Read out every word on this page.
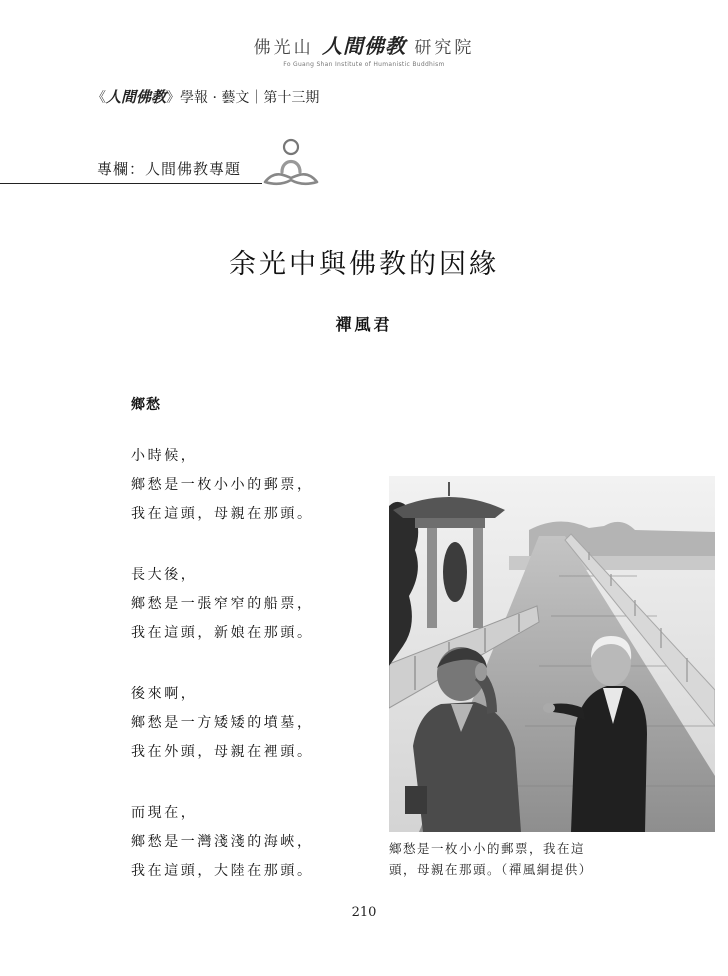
佛光山 人間佛教 研究院
Fo Guang Shan Institute of Humanistic Buddhism
《人間佛教》學報 · 藝文｜第十三期
專欄：人間佛教專題
余光中與佛教的因緣
禪風君
鄉愁
小時候，
鄉愁是一枚小小的郵票，
我在這頭，母親在那頭。
長大後，
鄉愁是一張窄窄的船票，
我在這頭，新娘在那頭。
後來啊，
鄉愁是一方矮矮的墳墓，
我在外頭，母親在裡頭。
而現在，
鄉愁是一灣淺淺的海峽，
我在這頭，大陸在那頭。
鄉愁是一枚小小的郵票，我在這
頭，母親在那頭。（禪風絧提供）
210
